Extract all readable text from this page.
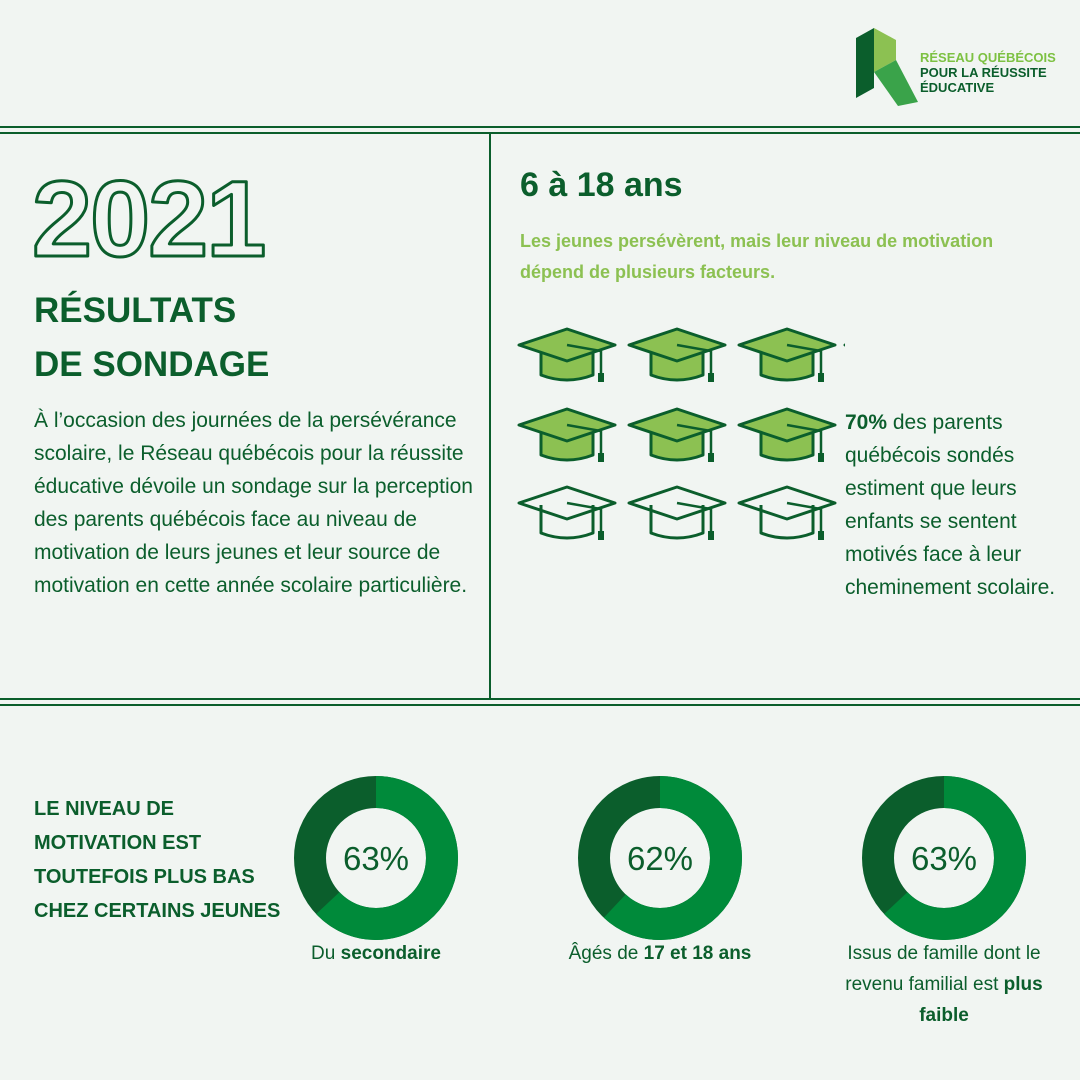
RÉSEAU QUÉBÉCOIS
POUR LA RÉUSSITE
ÉDUCATIVE
2021
RÉSULTATS
DE SONDAGE

À l’occasion des journées de la persévérance scolaire, le Réseau québécois pour la réussite éducative dévoile un sondage sur la perception des parents québécois face au niveau de motivation de leurs jeunes et leur source de motivation en cette année scolaire particulière.

6 à 18 ans

Les jeunes persévèrent, mais leur niveau de motivation dépend de plusieurs facteurs.

70% des parents québécois sondés estiment que leurs enfants se sentent motivés face à leur cheminement scolaire.

LE NIVEAU DE MOTIVATION EST TOUTEFOIS PLUS BAS CHEZ CERTAINS JEUNES

63%
Du secondaire
62%
Âgés de 17 et 18 ans
63%
Issus de famille dont le revenu familial est plus faible
